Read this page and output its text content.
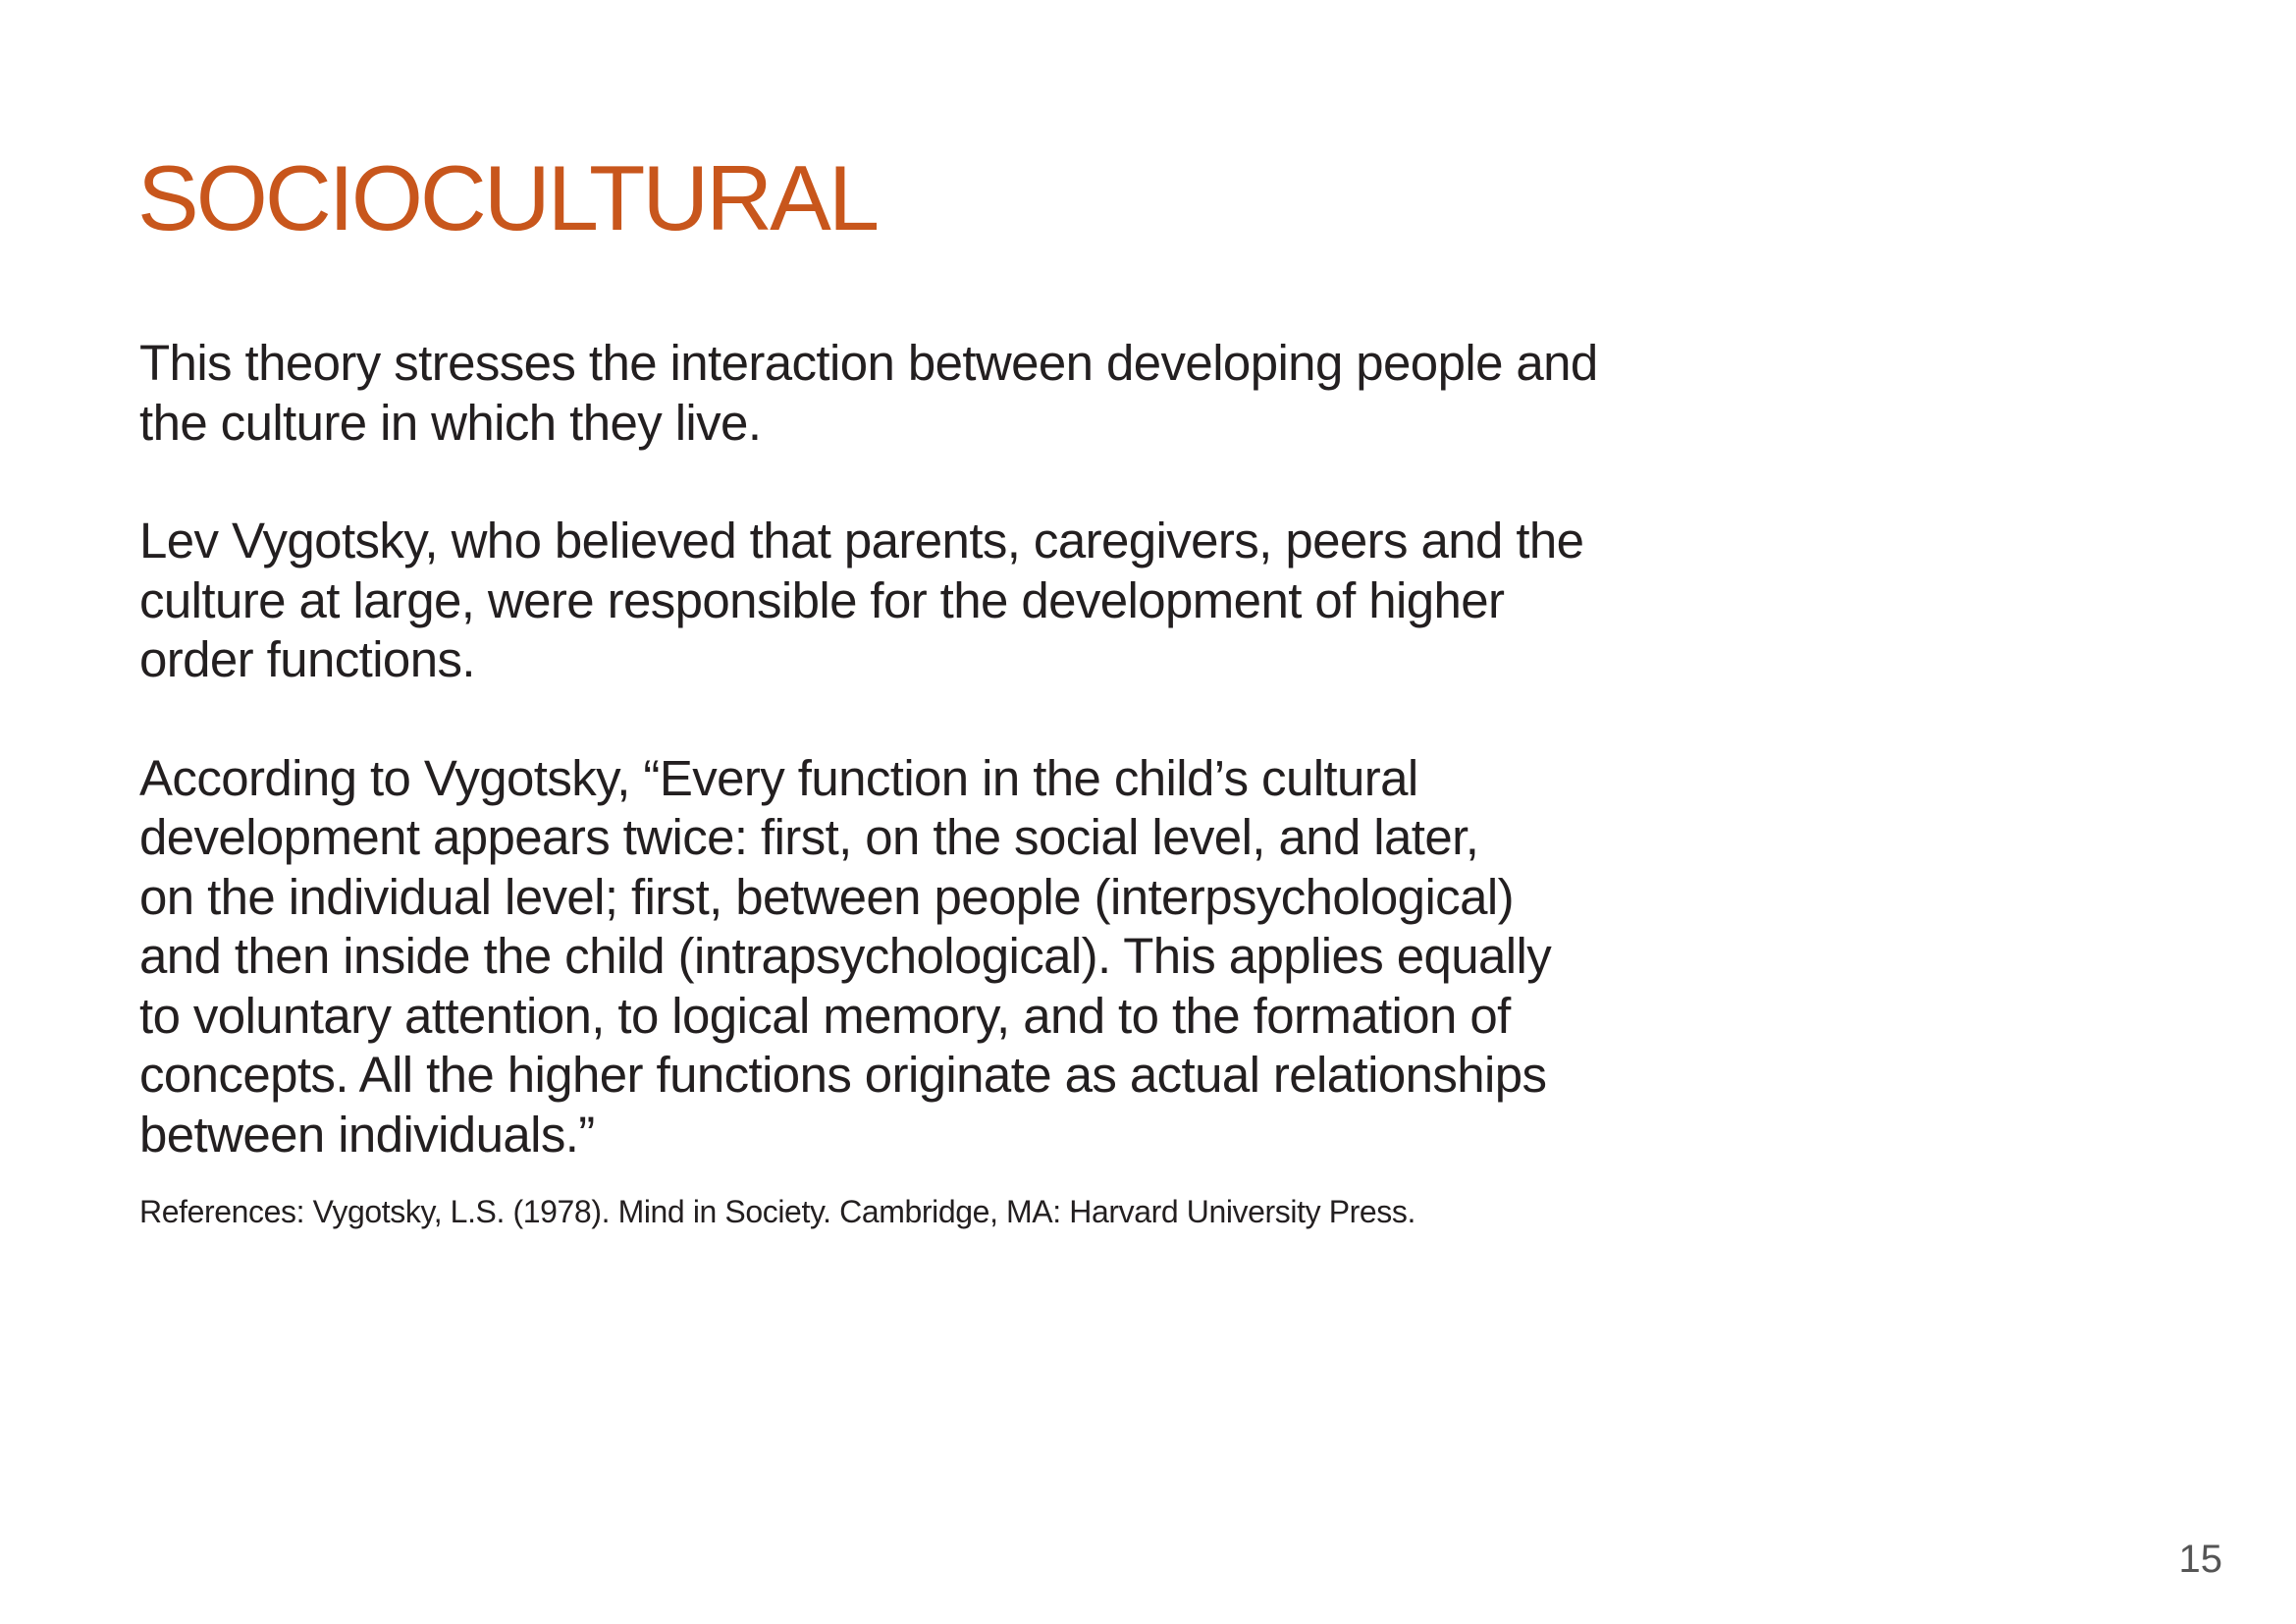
SOCIOCULTURAL

This theory stresses the interaction between developing people and
the culture in which they live.

Lev Vygotsky, who believed that parents, caregivers, peers and the
culture at large, were responsible for the development of higher
order functions.

According to Vygotsky, “Every function in the child’s cultural
development appears twice: first, on the social level, and later,
on the individual level; first, between people (interpsychological)
and then inside the child (intrapsychological). This applies equally
to voluntary attention, to logical memory, and to the formation of
concepts. All the higher functions originate as actual relationships
between individuals.”

References: Vygotsky, L.S. (1978). Mind in Society. Cambridge, MA: Harvard University Press.

15
